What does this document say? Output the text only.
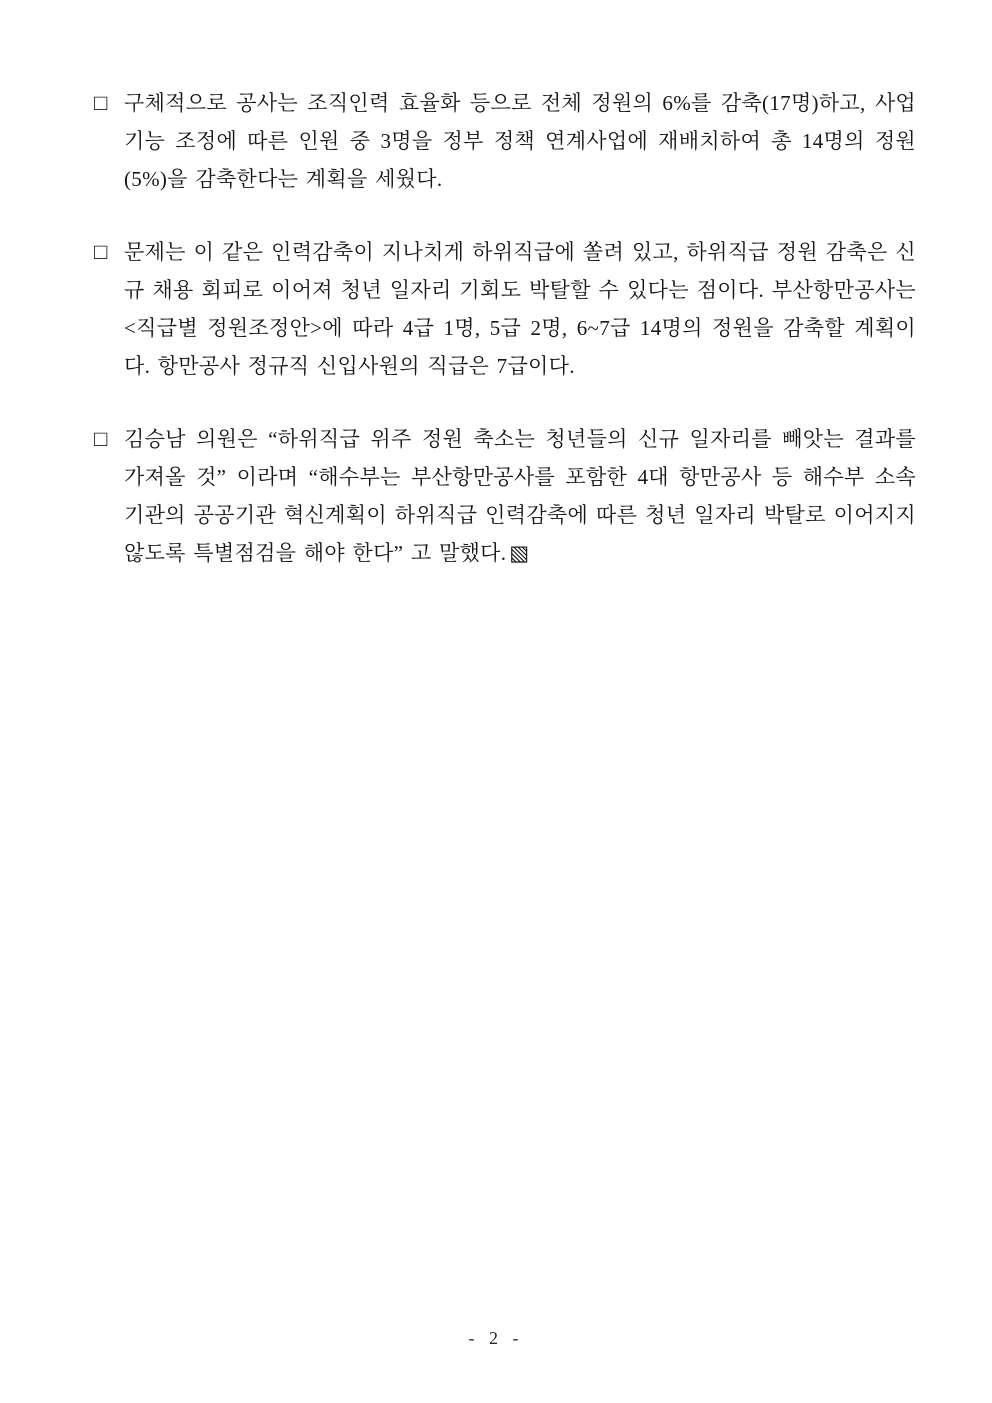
□ 구체적으로 공사는 조직인력 효율화 등으로 전체 정원의 6%를 감축(17명)하고, 사업기능 조정에 따른 인원 중 3명을 정부 정책 연계사업에 재배치하여 총 14명의 정원(5%)을 감축한다는 계획을 세웠다.
□ 문제는 이 같은 인력감축이 지나치게 하위직급에 쏠려 있고, 하위직급 정원 감축은 신규 채용 회피로 이어져 청년 일자리 기회도 박탈할 수 있다는 점이다. 부산항만공사는 <직급별 정원조정안>에 따라 4급 1명, 5급 2명, 6~7급 14명의 정원을 감축할 계획이다. 항만공사 정규직 신입사원의 직급은 7급이다.
□ 김승남 의원은 “하위직급 위주 정원 축소는 청년들의 신규 일자리를 빼앗는 결과를 가져올 것” 이라며 “해수부는 부산항만공사를 포함한 4대 항만공사 등 해수부 소속 기관의 공공기관 혁신계획이 하위직급 인력감축에 따른 청년 일자리 박탈로 이어지지 않도록 특별점검을 해야 한다” 고 말했다. ▧
- 2 -
